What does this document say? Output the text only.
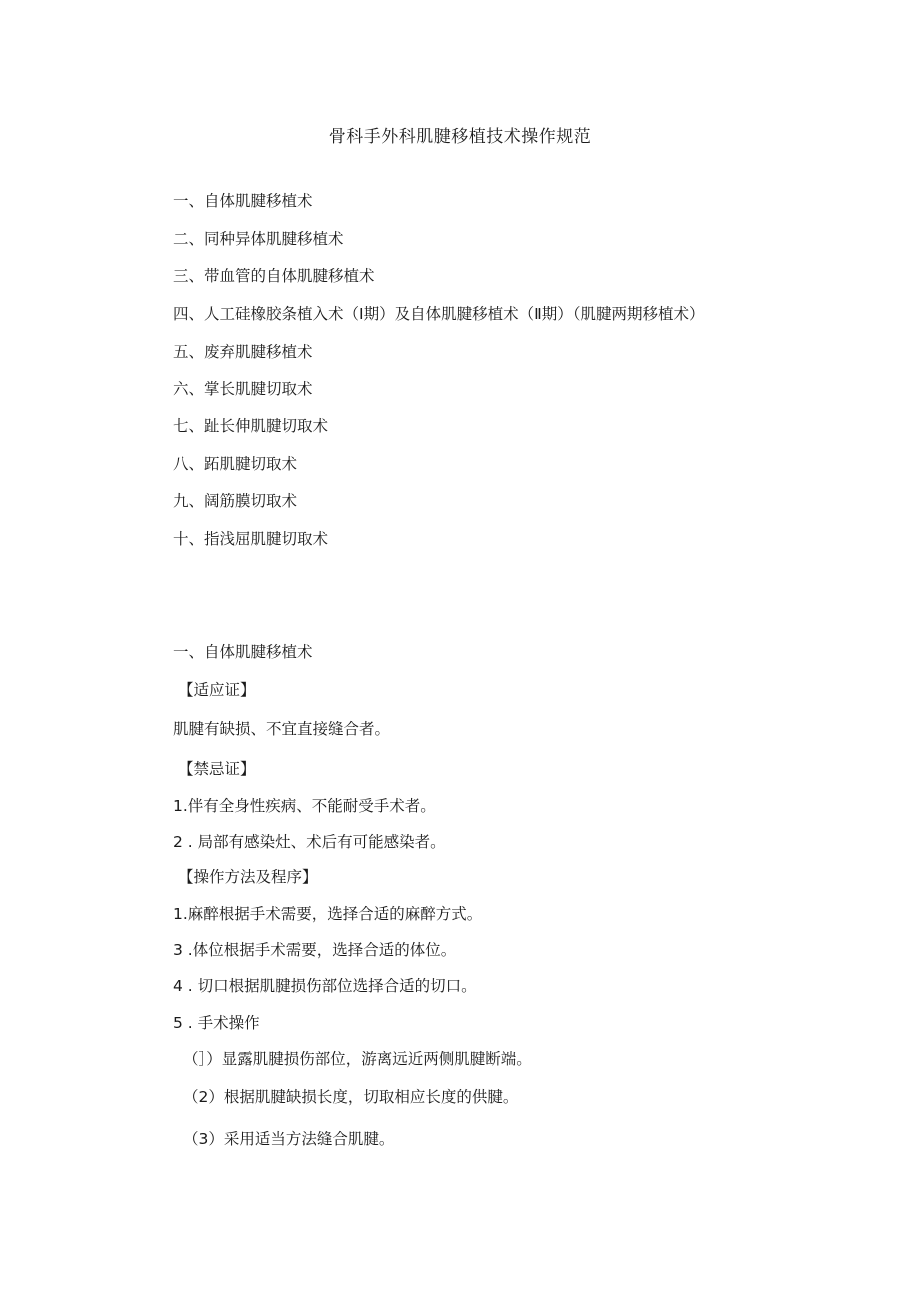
骨科手外科肌腱移植技术操作规范
一、自体肌腱移植术
二、同种异体肌腱移植术
三、带血管的自体肌腱移植术
四、人工硅橡胶条植入术（Ⅰ期）及自体肌腱移植术（Ⅱ期）（肌腱两期移植术）
五、废弃肌腱移植术
六、掌长肌腱切取术
七、趾长伸肌腱切取术
八、跖肌腱切取术
九、阔筋膜切取术
十、指浅屈肌腱切取术
一、自体肌腱移植术
【适应证】
肌腱有缺损、不宜直接缝合者。
【禁忌证】
1.伴有全身性疾病、不能耐受手术者。
2 . 局部有感染灶、术后有可能感染者。
【操作方法及程序】
1.麻醉根据手术需要，选择合适的麻醉方式。
3 .体位根据手术需要，选择合适的体位。
4 . 切口根据肌腱损伤部位选择合适的切口。
5 . 手术操作
（］）显露肌腱损伤部位，游离远近两侧肌腱断端。
（2）根据肌腱缺损长度，切取相应长度的供腱。
（3）采用适当方法缝合肌腱。
